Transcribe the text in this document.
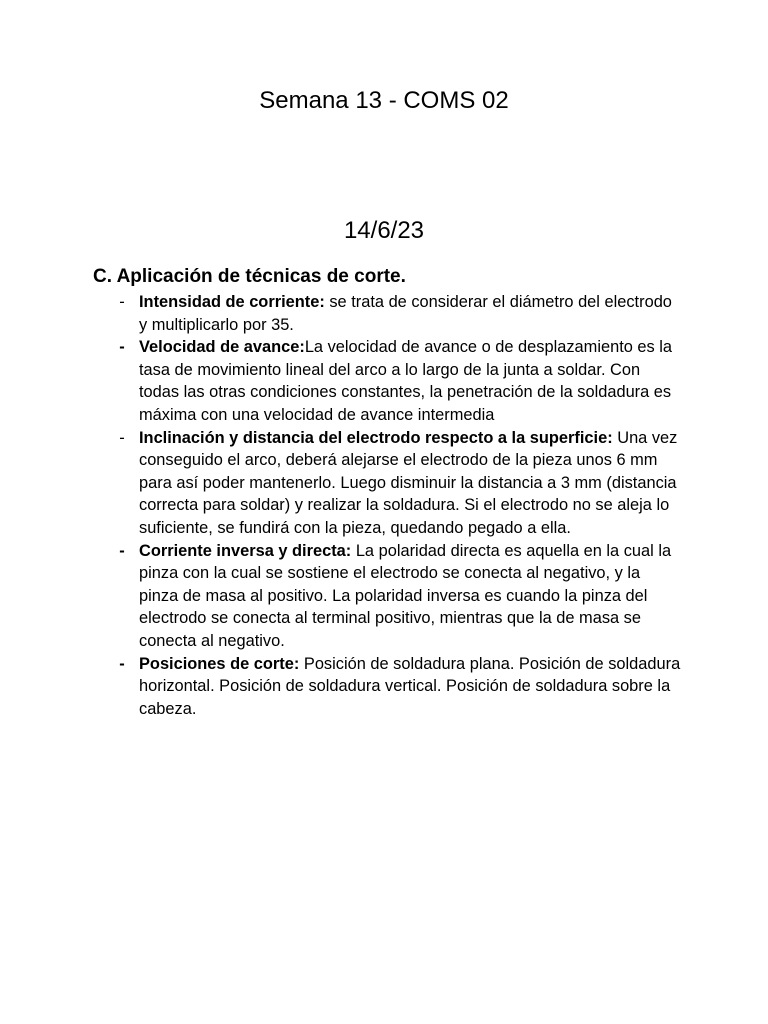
Semana 13 - COMS 02
14/6/23
C. Aplicación de técnicas de corte.
- Intensidad de corriente: se trata de considerar el diámetro del electrodo y multiplicarlo por 35.
- Velocidad de avance:La velocidad de avance o de desplazamiento es la tasa de movimiento lineal del arco a lo largo de la junta a soldar. Con todas las otras condiciones constantes, la penetración de la soldadura es máxima con una velocidad de avance intermedia
- Inclinación y distancia del electrodo respecto a la superficie: Una vez conseguido el arco, deberá alejarse el electrodo de la pieza unos 6 mm para así poder mantenerlo. Luego disminuir la distancia a 3 mm (distancia correcta para soldar) y realizar la soldadura. Si el electrodo no se aleja lo suficiente, se fundirá con la pieza, quedando pegado a ella.
- Corriente inversa y directa: La polaridad directa es aquella en la cual la pinza con la cual se sostiene el electrodo se conecta al negativo, y la pinza de masa al positivo. La polaridad inversa es cuando la pinza del electrodo se conecta al terminal positivo, mientras que la de masa se conecta al negativo.
- Posiciones de corte: Posición de soldadura plana. Posición de soldadura horizontal. Posición de soldadura vertical. Posición de soldadura sobre la cabeza.
